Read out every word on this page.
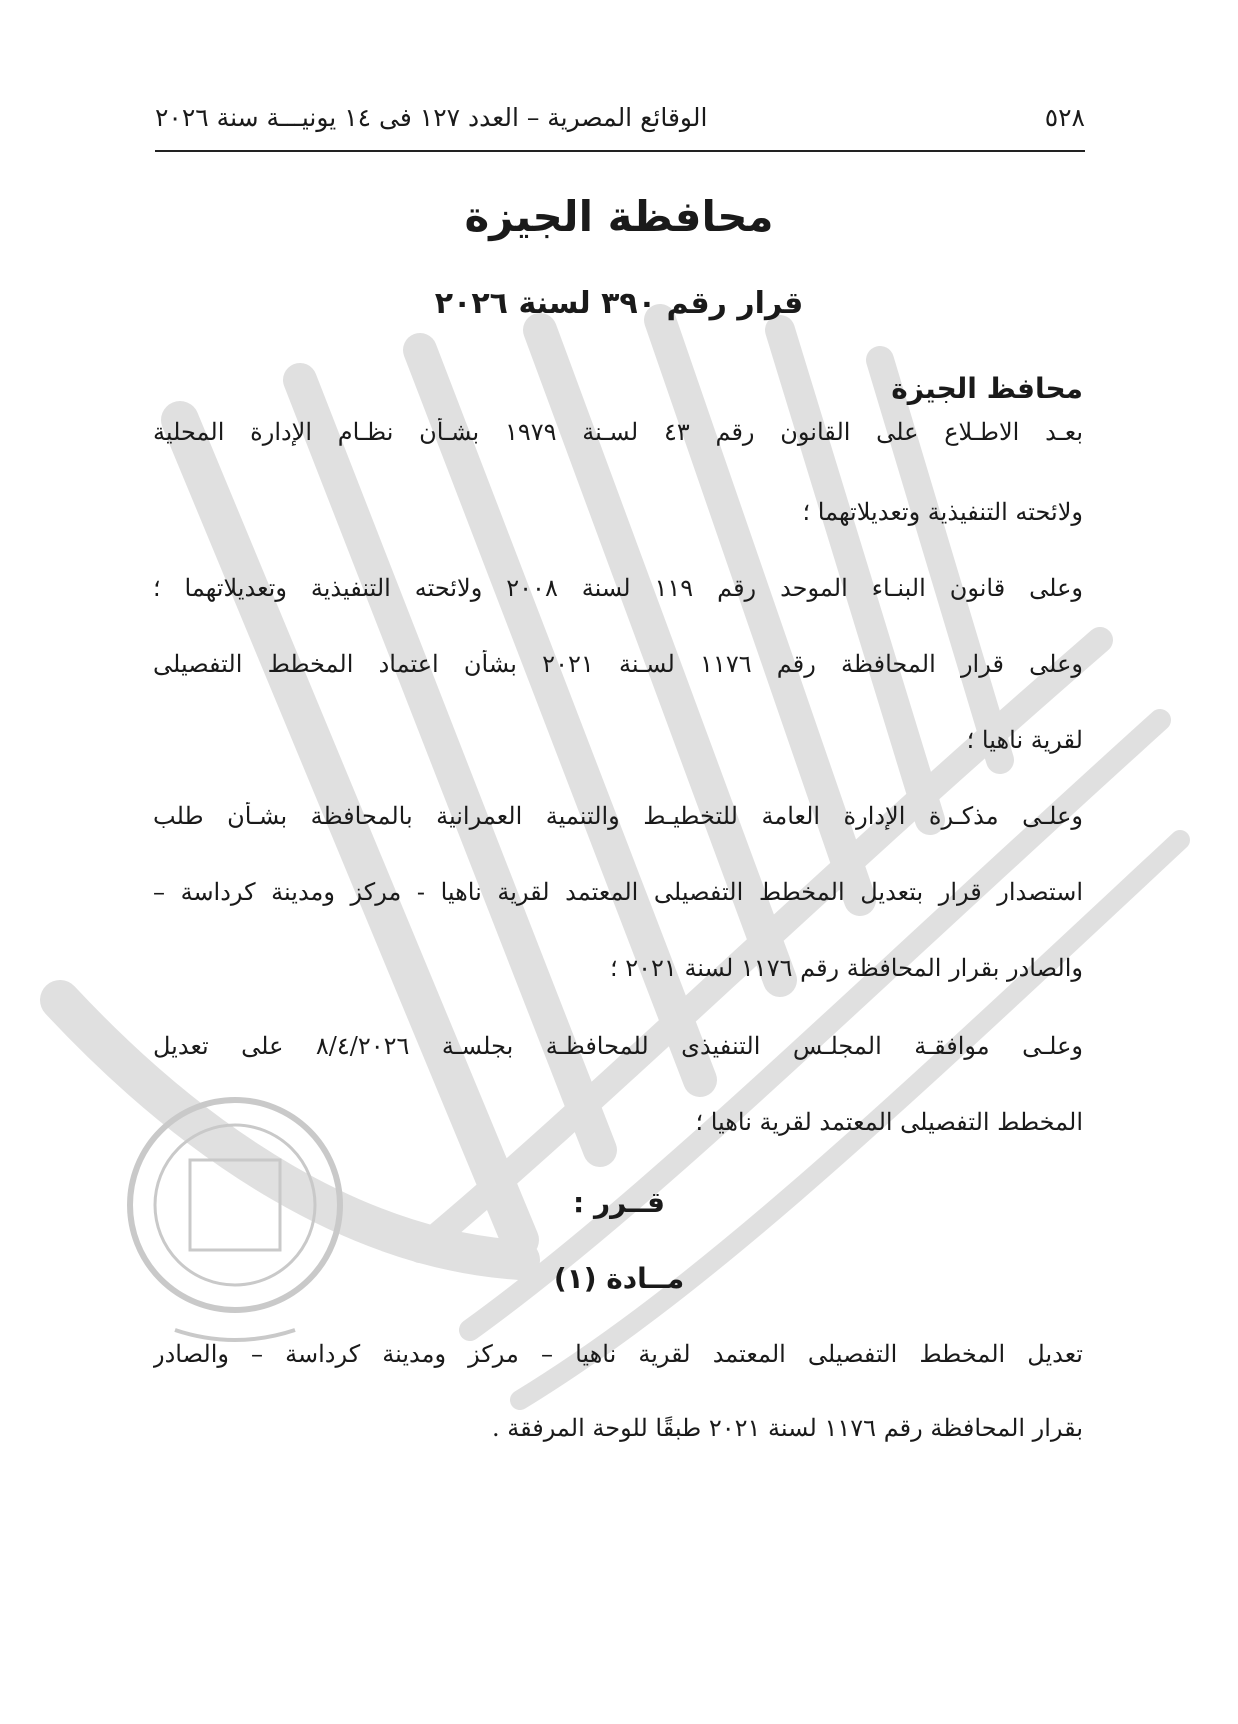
٥٢٨
الوقائع المصرية – العدد ١٢٧ فى ١٤ يونيـــة سنة ٢٠٢٦
محافظة الجيزة
قرار رقم ٣٩٠ لسنة ٢٠٢٦
محافظ الجيزة
بعـد الاطـلاع على القانون رقم ٤٣ لسـنة ١٩٧٩ بشـأن نظـام الإدارة المحلية
ولائحته التنفيذية وتعديلاتهما ؛
وعلى قانون البنـاء الموحد رقم ١١٩ لسنة ٢٠٠٨ ولائحته التنفيذية وتعديلاتهما ؛
وعلى قرار المحافظة رقم ١١٧٦ لسـنة ٢٠٢١ بشأن اعتماد المخطط التفصيلى
لقرية ناهيا ؛
وعلـى مذكـرة الإدارة العامة للتخطيـط والتنمية العمرانية بالمحافظة بشـأن طلب
استصدار قرار بتعديل المخطط التفصيلى المعتمد لقرية ناهيا - مركز ومدينة كرداسة –
والصادر بقرار المحافظة رقم ١١٧٦ لسنة ٢٠٢١ ؛
وعلـى موافقـة المجلـس التنفيذى للمحافظـة بجلسـة ٨/٤/٢٠٢٦ على تعديل
المخطط التفصيلى المعتمد لقرية ناهيا ؛
قــرر :
مــادة (١)
تعديل المخطط التفصيلى المعتمد لقرية ناهيا – مركز ومدينة كرداسة – والصادر
بقرار المحافظة رقم ١١٧٦ لسنة ٢٠٢١ طبقًا للوحة المرفقة .
